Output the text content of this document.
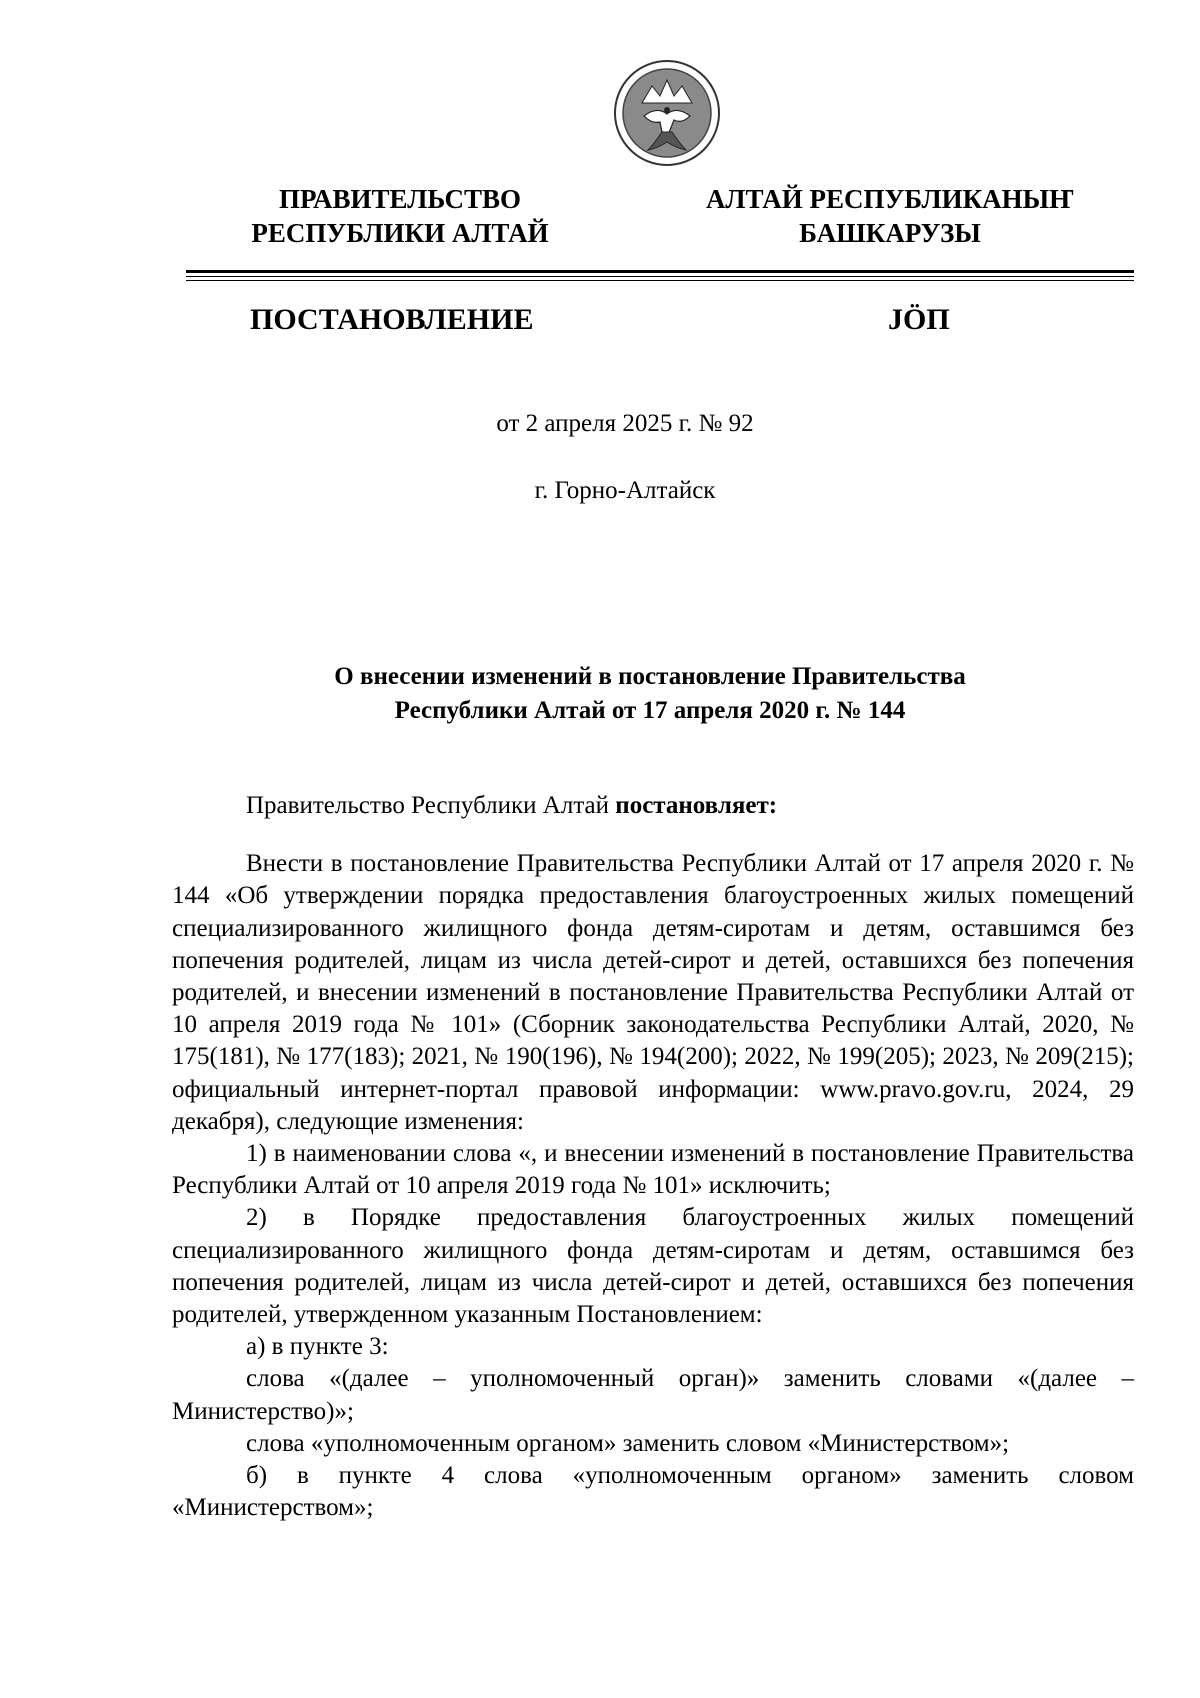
ПРАВИТЕЛЬСТВО
РЕСПУБЛИКИ АЛТАЙ
АЛТАЙ РЕСПУБЛИКАНЫҤ
БАШКАРУЗЫ
ПОСТАНОВЛЕНИЕ	JÖП
от 2 апреля 2025 г. № 92
г. Горно-Алтайск
О внесении изменений в постановление Правительства
Республики Алтай от 17 апреля 2020 г. № 144

Правительство Республики Алтай постановляет:

Внести в постановление Правительства Республики Алтай от 17 апреля 2020 г. № 144 «Об утверждении порядка предоставления благоустроенных жилых помещений специализированного жилищного фонда детям-сиротам и детям, оставшимся без попечения родителей, лицам из числа детей-сирот и детей, оставшихся без попечения родителей, и внесении изменений в постановление Правительства Республики Алтай от 10 апреля 2019 года № 101» (Сборник законодательства Республики Алтай, 2020, № 175(181), № 177(183); 2021, № 190(196), № 194(200); 2022, № 199(205); 2023, № 209(215); официальный интернет-портал правовой информации: www.pravo.gov.ru, 2024, 29 декабря), следующие изменения:

1) в наименовании слова «, и внесении изменений в постановление Правительства Республики Алтай от 10 апреля 2019 года № 101» исключить;

2) в Порядке предоставления благоустроенных жилых помещений специализированного жилищного фонда детям-сиротам и детям, оставшимся без попечения родителей, лицам из числа детей-сирот и детей, оставшихся без попечения родителей, утвержденном указанным Постановлением:

а) в пункте 3:

слова «(далее – уполномоченный орган)» заменить словами «(далее – Министерство)»;

слова «уполномоченным органом» заменить словом «Министерством»;

б) в пункте 4 слова «уполномоченным органом» заменить словом «Министерством»;
